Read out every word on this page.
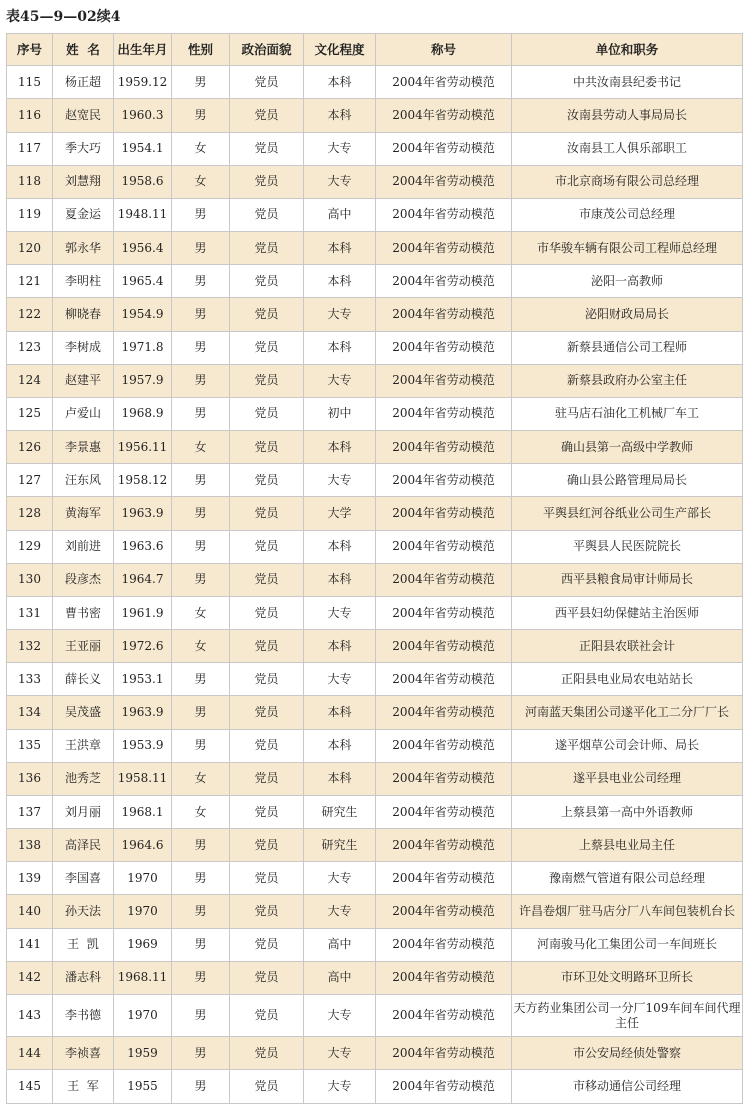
表45—9—02续4
序号	姓  名	出生年月	性别	政治面貌	文化程度	称号	单位和职务
115	杨正超	1959.12	男	党员	本科	2004年省劳动模范	中共汝南县纪委书记
116	赵宽民	1960.3	男	党员	本科	2004年省劳动模范	汝南县劳动人事局局长
117	季大巧	1954.1	女	党员	大专	2004年省劳动模范	汝南县工人俱乐部职工
118	刘慧翔	1958.6	女	党员	大专	2004年省劳动模范	市北京商场有限公司总经理
119	夏金运	1948.11	男	党员	高中	2004年省劳动模范	市康茂公司总经理
120	郭永华	1956.4	男	党员	本科	2004年省劳动模范	市华骏车辆有限公司工程师总经理
121	李明柱	1965.4	男	党员	本科	2004年省劳动模范	泌阳一高教师
122	柳晓春	1954.9	男	党员	大专	2004年省劳动模范	泌阳财政局局长
123	李树成	1971.8	男	党员	本科	2004年省劳动模范	新蔡县通信公司工程师
124	赵建平	1957.9	男	党员	大专	2004年省劳动模范	新蔡县政府办公室主任
125	卢爱山	1968.9	男	党员	初中	2004年省劳动模范	驻马店石油化工机械厂车工
126	李景惠	1956.11	女	党员	本科	2004年省劳动模范	确山县第一高级中学教师
127	汪东风	1958.12	男	党员	大专	2004年省劳动模范	确山县公路管理局局长
128	黄海军	1963.9	男	党员	大学	2004年省劳动模范	平舆县红河谷纸业公司生产部长
129	刘前进	1963.6	男	党员	本科	2004年省劳动模范	平舆县人民医院院长
130	段彦杰	1964.7	男	党员	本科	2004年省劳动模范	西平县粮食局审计师局长
131	曹书密	1961.9	女	党员	大专	2004年省劳动模范	西平县妇幼保健站主治医师
132	王亚丽	1972.6	女	党员	本科	2004年省劳动模范	正阳县农联社会计
133	薛长义	1953.1	男	党员	大专	2004年省劳动模范	正阳县电业局农电站站长
134	吴茂盛	1963.9	男	党员	本科	2004年省劳动模范	河南蓝天集团公司遂平化工二分厂厂长
135	王洪章	1953.9	男	党员	本科	2004年省劳动模范	遂平烟草公司会计师、局长
136	池秀芝	1958.11	女	党员	本科	2004年省劳动模范	遂平县电业公司经理
137	刘月丽	1968.1	女	党员	研究生	2004年省劳动模范	上蔡县第一高中外语教师
138	高泽民	1964.6	男	党员	研究生	2004年省劳动模范	上蔡县电业局主任
139	李国喜	1970	男	党员	大专	2004年省劳动模范	豫南燃气管道有限公司总经理
140	孙天法	1970	男	党员	大专	2004年省劳动模范	许昌卷烟厂驻马店分厂八车间包装机台长
141	王  凯	1969	男	党员	高中	2004年省劳动模范	河南骏马化工集团公司一车间班长
142	潘志科	1968.11	男	党员	高中	2004年省劳动模范	市环卫处文明路环卫所长
143	李书德	1970	男	党员	大专	2004年省劳动模范	天方药业集团公司一分厂109车间车间代理主任
144	李祯喜	1959	男	党员	大专	2004年省劳动模范	市公安局经侦处警察
145	王  军	1955	男	党员	大专	2004年省劳动模范	市移动通信公司经理
